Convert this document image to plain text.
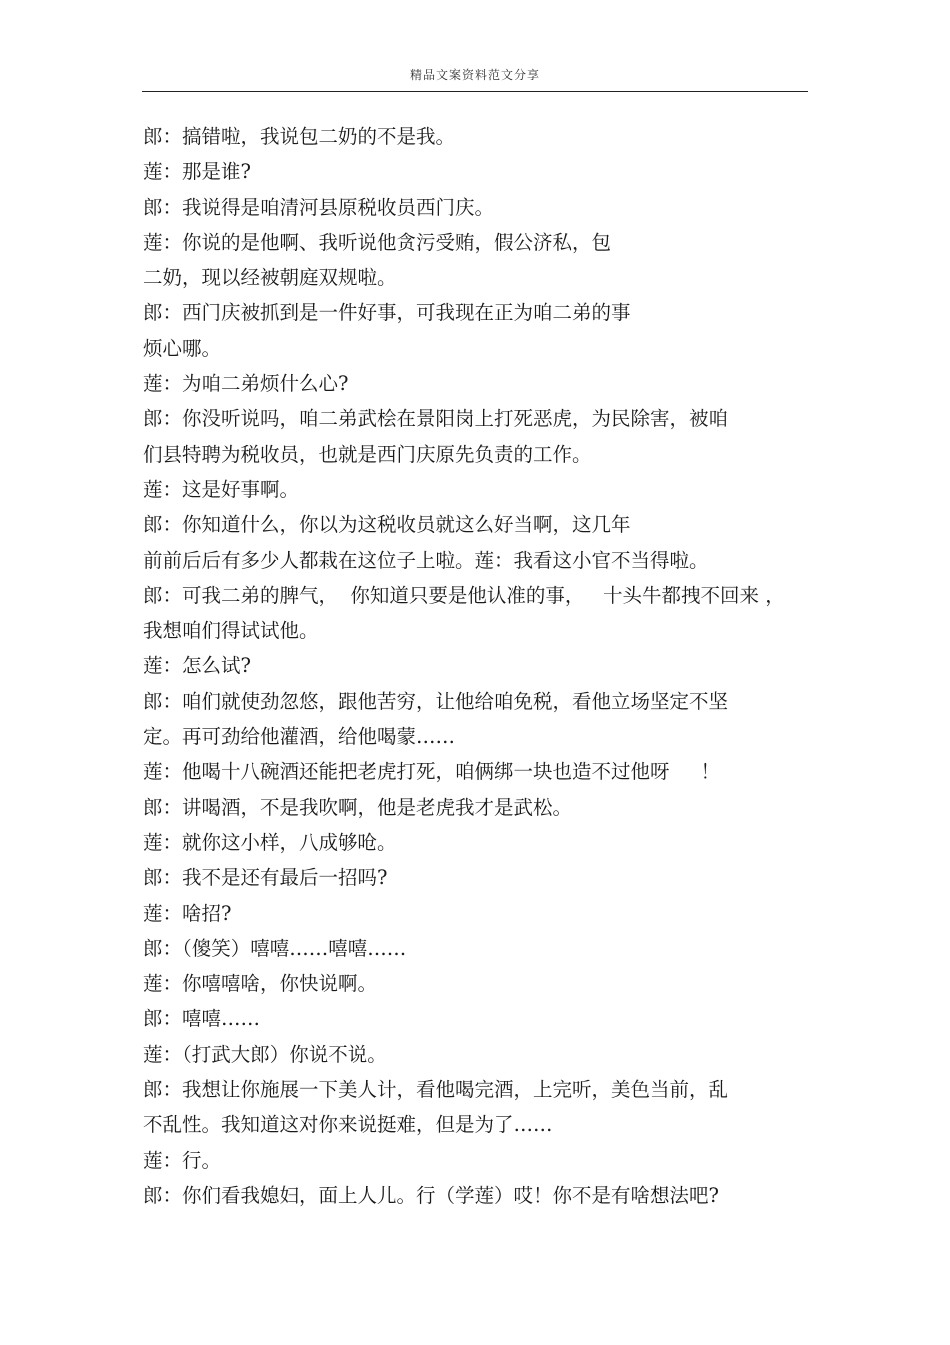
精品文案资料范文分享
郎：搞错啦，我说包二奶的不是我。
莲：那是谁?
郎：我说得是咱清河县原税收员西门庆。
莲：你说的是他啊、我听说他贪污受贿，假公济私，包
二奶，现以经被朝庭双规啦。
郎：西门庆被抓到是一件好事，可我现在正为咱二弟的事
烦心哪。
莲：为咱二弟烦什么心?
郎：你没听说吗，咱二弟武桧在景阳岗上打死恶虎，为民除害，被咱
们县特聘为税收员，也就是西门庆原先负责的工作。
莲：这是好事啊。
郎：你知道什么，你以为这税收员就这么好当啊，这几年
前前后后有多少人都栽在这位子上啦。莲：我看这小官不当得啦。
郎：可我二弟的脾气，  你知道只要是他认准的事，   十头牛都拽不回来 ，
我想咱们得试试他。
莲：怎么试?
郎：咱们就使劲忽悠，跟他苦穷，让他给咱免税，看他立场坚定不坚
定。再可劲给他灌酒，给他喝蒙……
莲：他喝十八碗酒还能把老虎打死，咱俩绑一块也造不过他呀     ！
郎：讲喝酒，不是我吹啊，他是老虎我才是武松。
莲：就你这小样，八成够呛。
郎：我不是还有最后一招吗?
莲：啥招?
郎：（傻笑）嘻嘻……嘻嘻……
莲：你嘻嘻啥，你快说啊。
郎：嘻嘻……
莲：（打武大郎）你说不说。
郎：我想让你施展一下美人计，看他喝完酒，上完听，美色当前，乱
不乱性。我知道这对你来说挺难，但是为了……
莲：行。
郎：你们看我媳妇，面上人儿。行（学莲）哎！你不是有啥想法吧?
